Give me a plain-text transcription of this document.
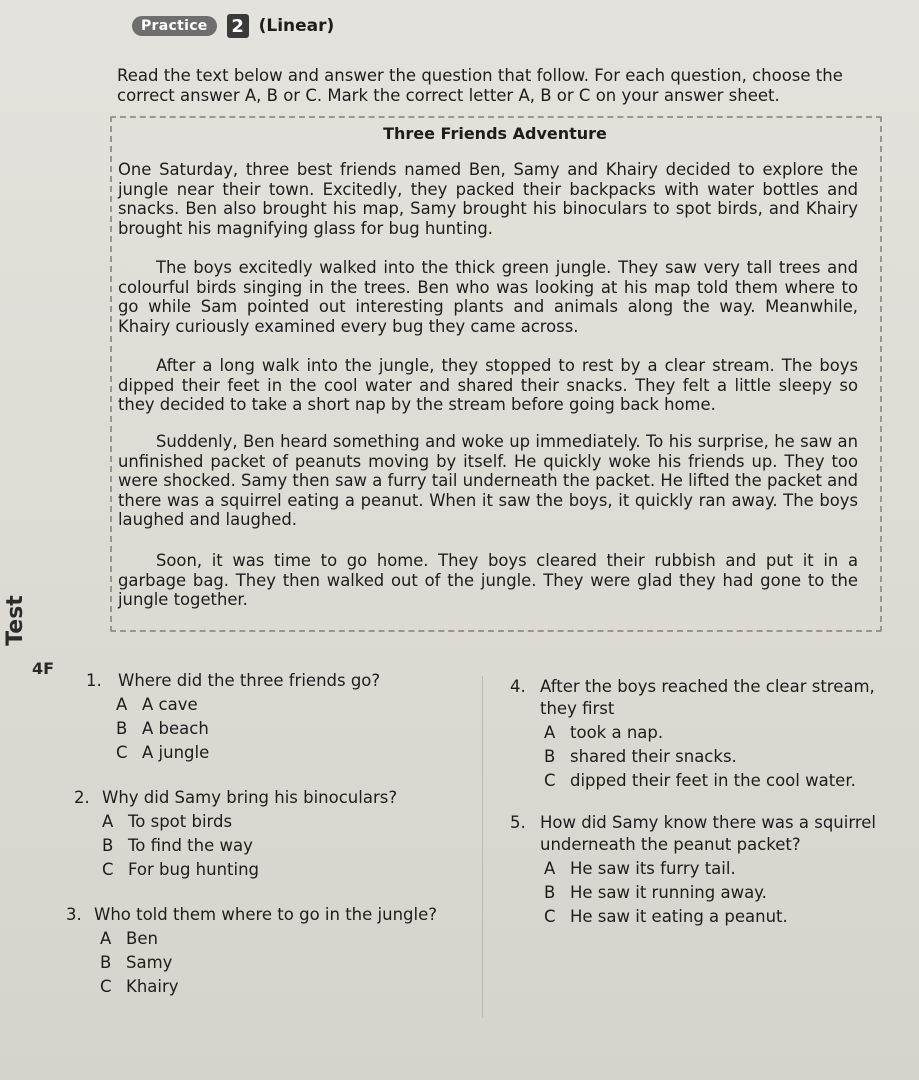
Practice	2 (Linear)
Read the text below and answer the question that follow. For each question, choose the correct answer A, B or C. Mark the correct letter A, B or C on your answer sheet.
Three Friends Adventure
One Saturday, three best friends named Ben, Samy and Khairy decided to explore the jungle near their town. Excitedly, they packed their backpacks with water bottles and snacks. Ben also brought his map, Samy brought his binoculars to spot birds, and Khairy brought his magnifying glass for bug hunting.
The boys excitedly walked into the thick green jungle. They saw very tall trees and colourful birds singing in the trees. Ben who was looking at his map told them where to go while Sam pointed out interesting plants and animals along the way. Meanwhile, Khairy curiously examined every bug they came across.
After a long walk into the jungle, they stopped to rest by a clear stream. The boys dipped their feet in the cool water and shared their snacks. They felt a little sleepy so they decided to take a short nap by the stream before going back home.
Suddenly, Ben heard something and woke up immediately. To his surprise, he saw an unfinished packet of peanuts moving by itself. He quickly woke his friends up. They too were shocked. Samy then saw a furry tail underneath the packet. He lifted the packet and there was a squirrel eating a peanut. When it saw the boys, it quickly ran away. The boys laughed and laughed.
Soon, it was time to go home. They boys cleared their rubbish and put it in a garbage bag. They then walked out of the jungle. They were glad they had gone to the jungle together.
Test
4F
1. Where did the three friends go?
A A cave
B A beach
C A jungle
2. Why did Samy bring his binoculars?
A To spot birds
B To find the way
C For bug hunting
3. Who told them where to go in the jungle?
A Ben
B Samy
C Khairy
4. After the boys reached the clear stream, they first
A took a nap.
B shared their snacks.
C dipped their feet in the cool water.
5. How did Samy know there was a squirrel underneath the peanut packet?
A He saw its furry tail.
B He saw it running away.
C He saw it eating a peanut.
